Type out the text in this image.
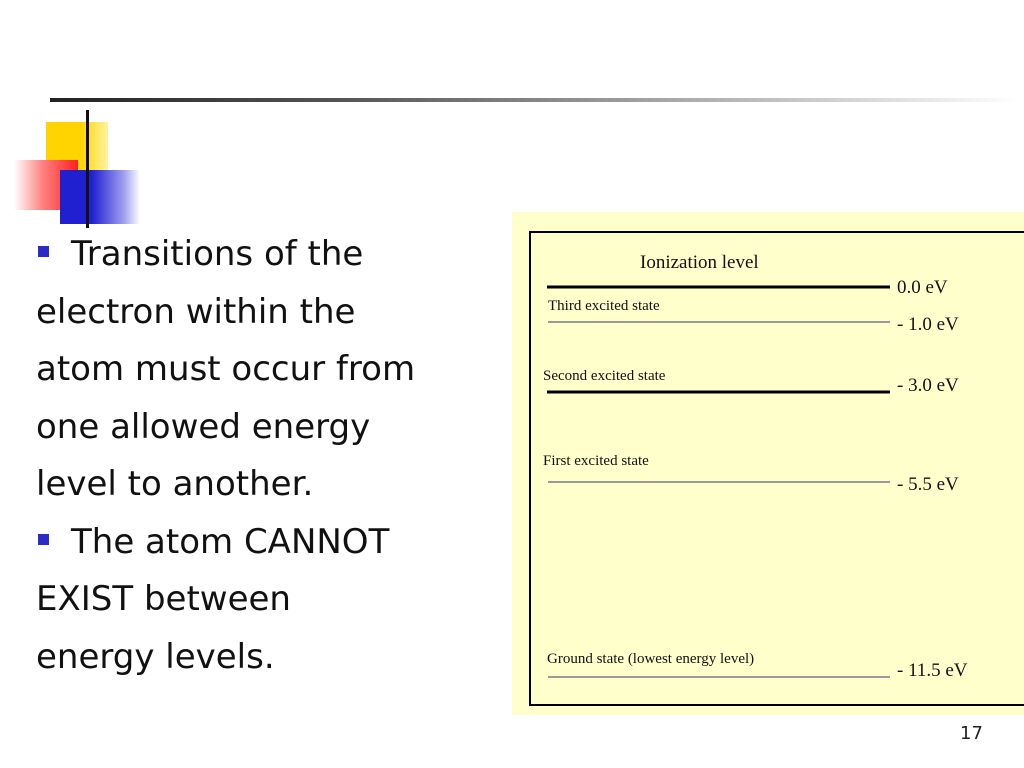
Transitions of the
electron within the
atom must occur from
one allowed energy
level to another.
The atom CANNOT
EXIST between
energy levels.
Ionization level
0.0 eV
Third excited state
- 1.0 eV
Second excited state	- 3.0 eV
First excited state
- 5.5 eV
Ground state (lowest energy level)
- 11.5 eV
17
